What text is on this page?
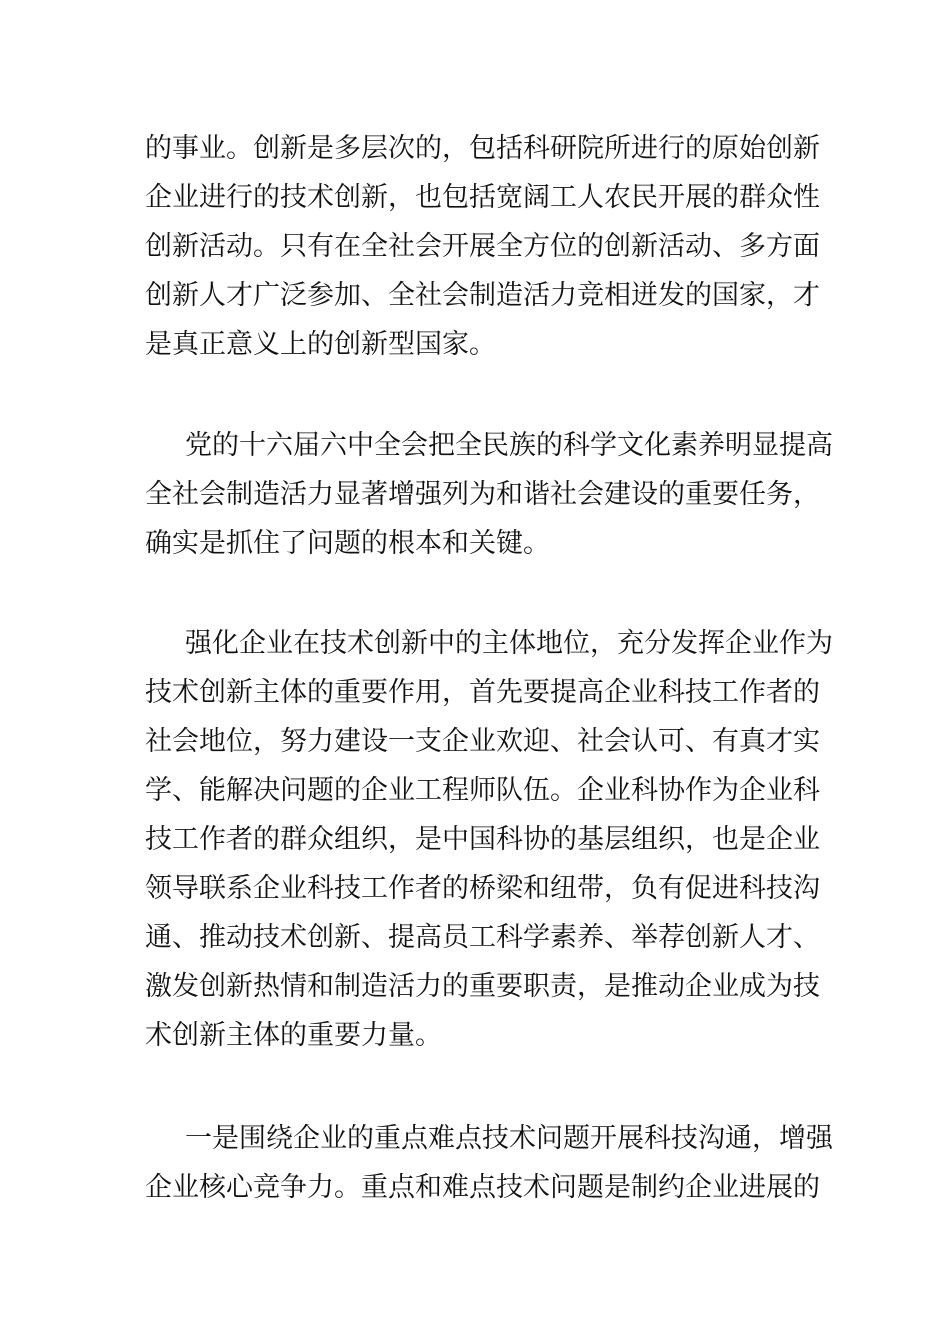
的事业。创新是多层次的，包括科研院所进行的原始创新
企业进行的技术创新，也包括宽阔工人农民开展的群众性
创新活动。只有在全社会开展全方位的创新活动、多方面
创新人才广泛参加、全社会制造活力竞相迸发的国家，才
是真正意义上的创新型国家。
党的十六届六中全会把全民族的科学文化素养明显提高
全社会制造活力显著增强列为和谐社会建设的重要任务，
确实是抓住了问题的根本和关键。
强化企业在技术创新中的主体地位，充分发挥企业作为
技术创新主体的重要作用，首先要提高企业科技工作者的
社会地位，努力建设一支企业欢迎、社会认可、有真才实
学、能解决问题的企业工程师队伍。企业科协作为企业科
技工作者的群众组织，是中国科协的基层组织，也是企业
领导联系企业科技工作者的桥梁和纽带，负有促进科技沟
通、推动技术创新、提高员工科学素养、举荐创新人才、
激发创新热情和制造活力的重要职责，是推动企业成为技
术创新主体的重要力量。
一是围绕企业的重点难点技术问题开展科技沟通，增强
企业核心竞争力。重点和难点技术问题是制约企业进展的
